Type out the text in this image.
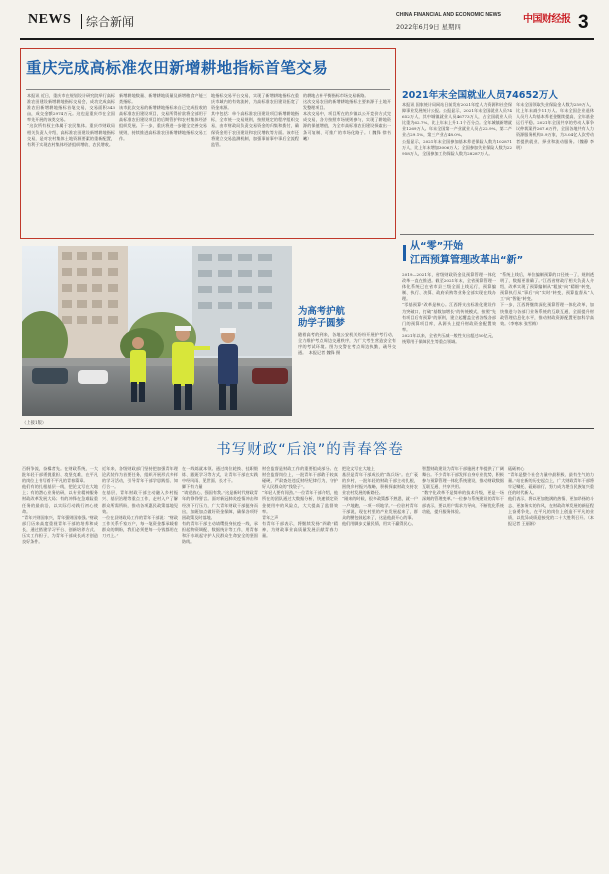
NEWS 综合新闻	CHINA FINANCIAL AND ECONOMIC NEWS 中国财经报
2022年6月9日 星期四	3
重庆完成高标准农田新增耕地指标首笔交易
本报讯 近日，重庆市在规划设计研究院举行高标准农田建设新增耕地指标交易会，成功完成高标准农田新增耕地指标首笔交易，交易面积343亩，成交金额2974万元。这也是重庆市在全国率先开展的该类交易。
“这次所有权主体属于农民集体。重庆市财政局相关负责人介绍，高标准农田建设新增耕地指标交易，是对农村集体土地资源要素的重新配置，有利于实现农村集体经济组织增收、农民增收。
新增耕地数量、新增耕地质量及新增粮食产能三类指标。
该市此次交易的新增耕地指标来自已完成验收的高标准农田建设项目，交易所得价款将全部用于高标准农田建设项目的后期管护和农村集体经济组织发展。下一步，重庆将进一步健全完善交易规则，持续推进高标准农田新增耕地指标交易工作。
地指标交易平台交易，实现了新增耕地指标在重庆市域内的有效流转，为高标准农田建设拓宽了资金来源。
其中包括：单个高标准农田建设项目新增耕地指标，全市统一交易规则，按照规定的程序组织交易，由市财政局负责交易资金的归集和拨付，确保资金用于农田建设和农民增收等方面。该市还将建立交易监测机制，加强事前事中事后全流程监管。
的耕地占补平衡指标市场交易新路。
这次交易农田的新增耕地指标主要来源于土地开发整理项目。
本次交易中，项目所在的乡镇以公开竞价方式完成交易，各方按照市场规则参与，实现了耕地资源的保值增值，为全市高标准农田建设探索出一条可复制、可推广的市场化路子。（ 魏锋 徐书曦）
2021年末全国就业人员74652万人
本报讯 国家统计局网站日前发布2021年度人力资源和社会保障事业发展统计公报。公报显示，2021年末全国就业人员74652万人，其中城镇就业人员46773万人，占全国就业人员比重为62.7%，比上年末上升1.1个百分点。全年城镇新增就业1269万人。年末全国第一产业就业人员占22.9%，第二产业占29.1%，第三产业占48.0%。
公报显示，2021年末全国参加基本养老保险人数为102871万人，比上年末增加3006万人；全国参加失业保险人数为22958万人，全国参加工伤保险人数为28287万人。
年末全国领取失业保险金人数为259万人，比上年末减少11万人。年末全国企业退休人员月人均基本养老金继续提高，全年基金运行平稳。2021年全国共享的劳动人事争议仲裁案件267.6万件，全国各地共有人力资源服务机构5.9万家，为3.04亿人次劳动者提供就业、择业和流动服务。（魏静 李明）
为高考护航
助学子圆梦
随着高考的到来，各地公安机关纷纷开展护考行动，全力维护考点周边交通秩序，为广大考生营造安全有序的考试环境。图为交警在考点周边执勤，疏导交通。  本报记者 魏锋 摄
从“零”开始
江西预算管理改革出“新”
2019—2021年，省级财政资金及预算管理一体化改革一直在推进。截至2021年末，全省预算管理一体化系统已在省市县三级全面上线运行，预算编制、执行、决算、政府采购等业务全部实现在线办理。
“零基预算”改革是核心。江西将支出标准化建设作为突破口，打破“基数加增长”的传统模式，按照“先有项目后有预算”的原则，建立起覆盖全省各级各部门的预算项目库，从源头上提升财政资金配置效率。
2021年以来，全省共压减一般性支出超过50亿元，统筹用于保障民生等重点领域。
“系统上线后，单位编制预算的口径统一了，规则透明了，数据更准确了。”江西省财政厅相关负责人介绍，改革实现了预算编制从“粗放”向“精细”转变，预算执行从“事后”向“实时”转变，预算监督从“人工”向“智能”转变。
下一步，江西将继续深化预算管理一体化改革，加快推进与各部门业务系统的互联互通，全面提升财政管理信息化水平，推动财政资源配置更加科学高效。（李寒冰 张雪梅）
（上接1版）
书写财政“后浪”的青春答卷
百舸争流，奋楫者先。在财政系统，一大批年轻干部勇挑重担、攻坚克难，在平凡的岗位上书写着不平凡的青春篇章。
他们有的扎根基层一线，把论文写在大地上；有的潜心业务钻研，以专业精神服务财政改革发展大局；有的冲锋在急难险重任务的最前沿，以实际行动践行初心使命。
“青年兴则国家兴，青年强则国家强。”财政部门历来高度重视青年干部的培养和成长，通过搭建学习平台、创新培养方式、压实工作担子，为青年干部成长成才创造良好条件。
近年来，各级财政部门坚持把加强青年理论武装作为首要任务，组织开展形式多样的学习活动，引导青年干部学思践悟、知行合一。
在基层，青年财政干部主动融入乡村振兴、基层治理等重点工作，走村入户了解群众所需所盼，推动各项惠民政策落地见效。
一位在县财政局工作的青年干部说：“财政工作关系千家万户，每一笔资金都承载着群众的期盼，我们必须把每一分钱都用在刀刃上。”
在一线练就本领。通过岗位轮换、挂职锻炼、跟班学习等方式，让青年干部在实践中经风雨、见世面、长才干。
脚下有力量
“请党放心，强国有我。”这是新时代财政青年的铮铮誓言。面对新冠肺炎疫情冲击和经济下行压力，广大青年财政干部挺身而出，加班加点做好资金保障，确保各项纾困政策及时落地。
有的青年干部主动请缨投身抗疫一线，承担起物资调配、数据统计等工作，用青春和汗水筑起守护人民群众生命安全的坚固防线。
财会监督是财政工作的重要组成部分。在财会监督岗位上，一批青年干部敢于较真碰硬，严肃查处违反财经纪律行为，守护好人民群众的“钱袋子”。
“年轻人要有闯劲。”一位青年干部介绍，他所在的团队通过大数据分析，快速锁定资金使用中的风险点，大大提高了监督效率。
青年之声
有青年干部表示，将继续发扬“四敢”精神，为财政事业高质量发展贡献青春力量。
把论文写在大地上
基层是青年干部成长的“练兵场”。在广袤的乡村，一批年轻的财政干部主动扎根，围绕乡村振兴战略，积极探索财政支持农业农村发展的新路径。
“刚来的时候，很多政策都不熟悉，就一户一户地跑，一项一项地学。”一位驻村青年干部说，现在村里的产业发展起来了，群众的腰包鼓起来了，这是他最开心的事。
他们用脚步丈量民情，用实干赢得民心。
智慧财政建设为青年干部施展才华提供了广阔舞台。不少青年干部发挥自身专业优势，积极参与预算管理一体化系统建设，推动财政数据互联互通、共享共用。
“数字化改革不是简单的技术升级，更是一场深刻的管理变革。”一位参与系统建设的青年干部表示，要以用户需求为导向，不断优化系统功能，提升服务体验。
砥砺初心
“青年是整个社会力量中最积极、最有生气的力量。”站在新的历史起点上，广大财政青年干部将牢记嘱托、砥砺前行，努力成为堪当民族复兴重任的时代新人。
他们表示，将以更加饱满的热情、更加昂扬的斗志、更加务实的作风，在财政改革发展的新征程上奋勇争先，在平凡的岗位上创造不平凡的业绩，以优异成绩迎接党的二十大胜利召开。（本报记者 王丽娟）
